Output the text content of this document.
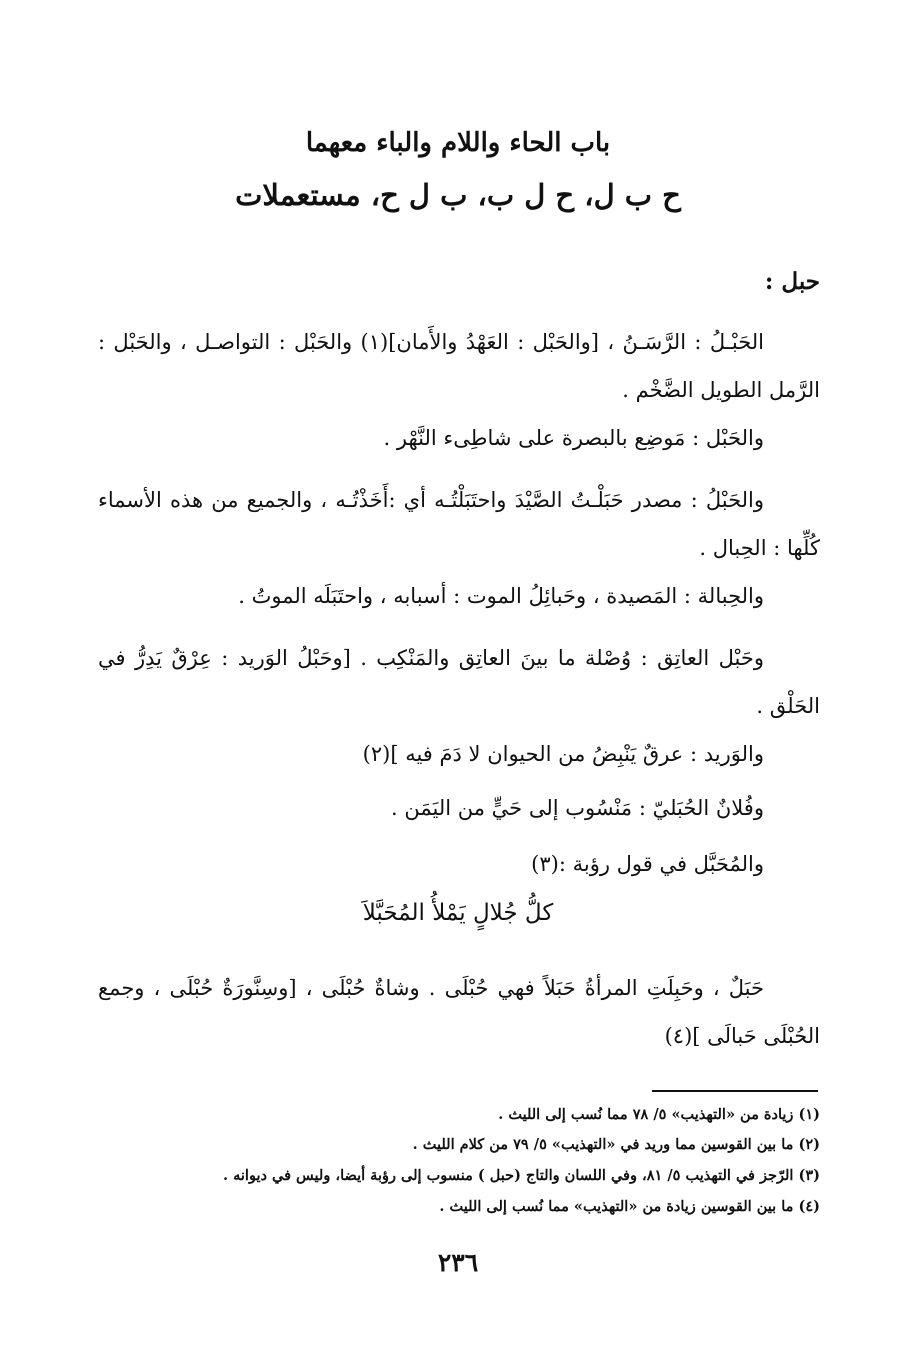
باب الحاء واللام والباء معهما
ح ب ل، ح ل ب، ب ل ح، مستعملات
حبل :
الحَبْـلُ : الرَّسَـنُ ، [والحَبْل : العَهْدُ والأَمان](١) والحَبْل : التواصـل ، والحَبْل : الرَّمل الطويل الضَّخْم .
والحَبْل : مَوضِع بالبصرة على شاطِىء النَّهْر .
والحَبْلُ : مصدر حَبَلْـتُ الصَّيْدَ واحتَبَلْتُـه أي :أَخَذْتُـه ، والجميع من هذه الأسماء كُلِّها : الحِبال .
والحِبالة : المَصيدة ، وحَبائِلُ الموت : أسبابه ، واحتَبَلَه الموتُ .
وحَبْل العاتِق : وُصْلة ما بينَ العاتِق والمَنْكِب . [وحَبْلُ الوَريد : عِرْقٌ يَدِرُّ في الحَلْق .
والوَريد : عرقٌ يَنْبِضُ من الحيوان لا دَمَ فيه ](٢)
وفُلانٌ الحُبَليّ : مَنْسُوب إلى حَيٍّ من اليَمَن .
والمُحَبَّل في قول رؤبة :(٣)
كلُّ جُلالٍ يَمْلأُ المُحَبَّلاَ
حَبَلٌ ، وحَبِلَتِ المرأةُ حَبَلاً فهي حُبْلَى . وشاةٌ حُبْلَى ، [وسِنَّورَةٌ حُبْلَى ، وجمع الحُبْلَى حَبالَى ](٤)
(١) زيادة من «التهذيب» ٥/ ٧٨ مما نُسب إلى الليث .
(٢) ما بين القوسين مما وريد في «التهذيب» ٥/ ٧٩ من كلام الليث .
(٣) الرّجز في التهذيب ٥/ ٨١، وفي اللسان والتاج (حبل ) منسوب إلى رؤبة أيضا، وليس في ديوانه .
(٤) ما بين القوسين زيادة من «التهذيب» مما نُسب إلى الليث .
٢٣٦
